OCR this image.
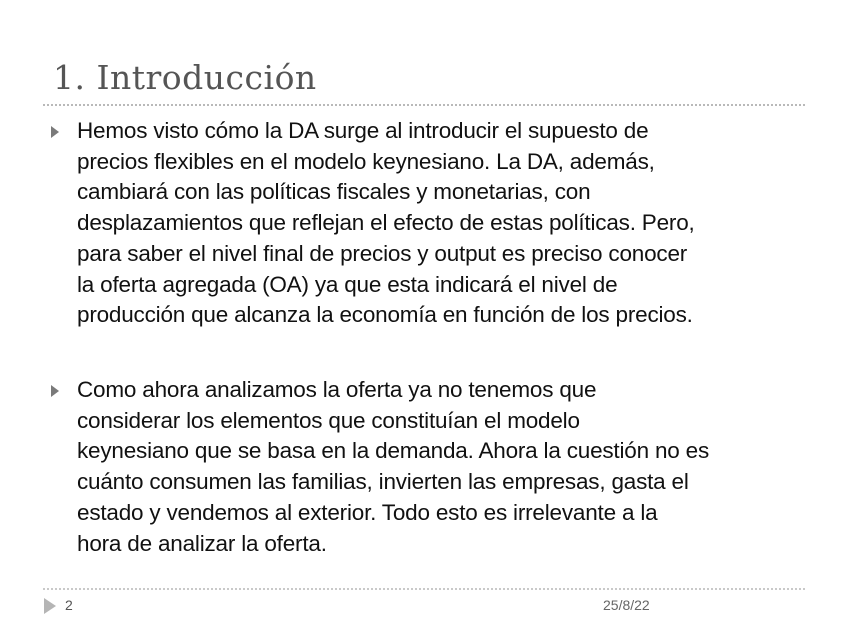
1. Introducción
Hemos visto cómo la DA surge al introducir el supuesto de
precios flexibles en el modelo keynesiano. La DA, además,
cambiará con las políticas fiscales y monetarias, con
desplazamientos que reflejan el efecto de estas políticas. Pero,
para saber el nivel final de precios y output es preciso conocer
la oferta agregada (OA) ya que esta indicará el nivel de
producción que alcanza la economía en función de los precios.
Como ahora analizamos la oferta ya no tenemos que
considerar los elementos que constituían el modelo
keynesiano que se basa en la demanda. Ahora la cuestión no es
cuánto consumen las familias, invierten las empresas, gasta el
estado y vendemos al exterior. Todo esto es irrelevante a la
hora de analizar la oferta.
2	25/8/22
